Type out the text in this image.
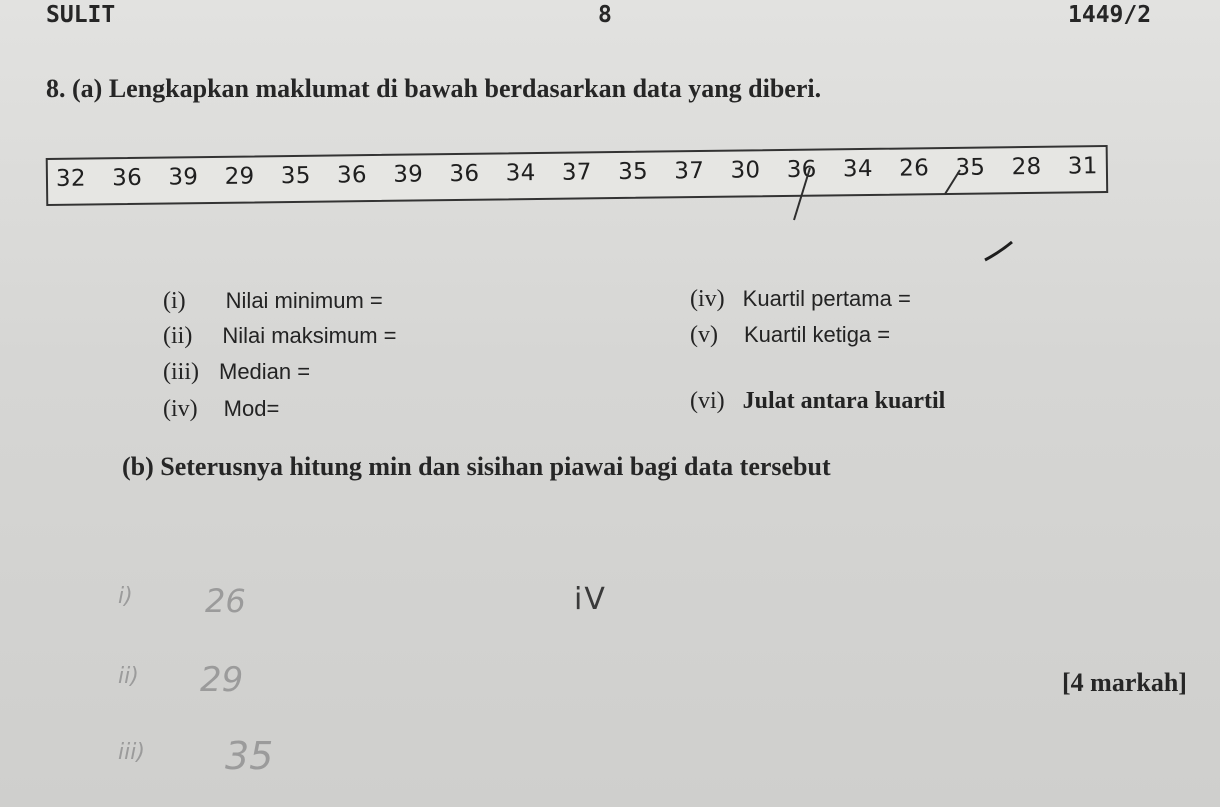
SULIT	8	1449/2
8. (a) Lengkapkan maklumat di bawah berdasarkan data yang diberi.
32 36 39 29 35 36 39 36 34 37 35 37 30 36 34 26 35 28 31
(i) Nilai minimum =
(ii) Nilai maksimum =
(iii) Median =
(iv) Mod=
(iv) Kuartil pertama =
(v) Kuartil ketiga =
(vi) Julat antara kuartil
(b) Seterusnya hitung min dan sisihan piawai bagi data tersebut
iV
i) 26
ii) 29
iii) 35
[4 markah]
